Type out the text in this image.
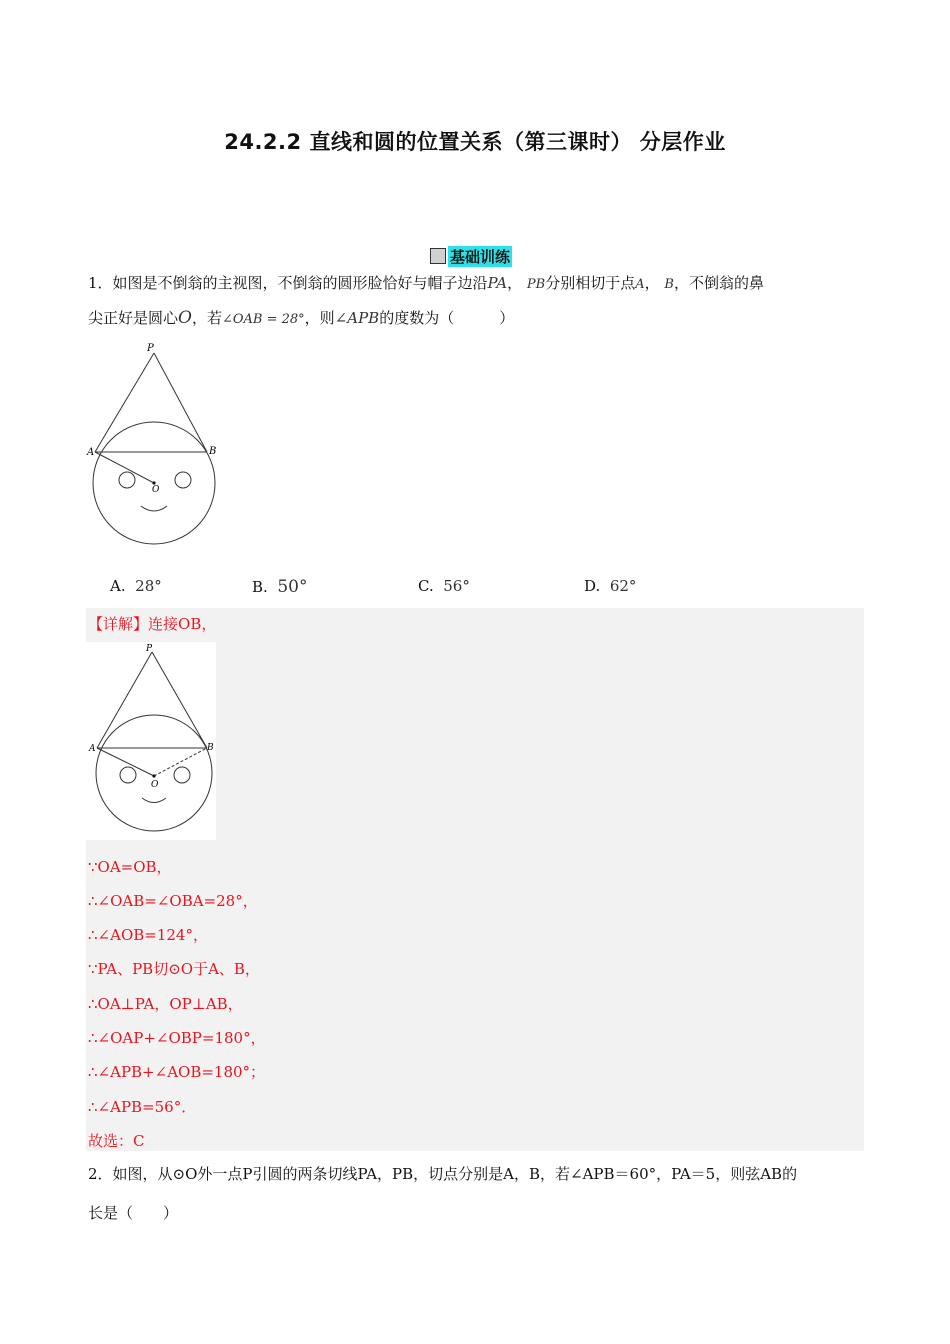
24.2.2 直线和圆的位置关系（第三课时） 分层作业
基础训练
1．如图是不倒翁的主视图，不倒翁的圆形脸恰好与帽子边沿PA， PB分别相切于点A， B，不倒翁的鼻
尖正好是圆心O，若∠OAB = 28°，则∠APB的度数为（　　　）
P
A	B
O
A. 28°	B. 50°	C. 56°	D. 62°
【详解】连接OB，
P
A	B
O
∵OA=OB，
∴∠OAB=∠OBA=28°，
∴∠AOB=124°，
∵PA、PB切⊙O于A、B，
∴OA⊥PA，OP⊥AB，
∴∠OAP+∠OBP=180°，
∴∠APB+∠AOB=180°；
∴∠APB=56°．
故选：C
2．如图，从⊙O外一点P引圆的两条切线PA，PB，切点分别是A，B，若∠APB＝60°，PA＝5，则弦AB的
长是（　　）
